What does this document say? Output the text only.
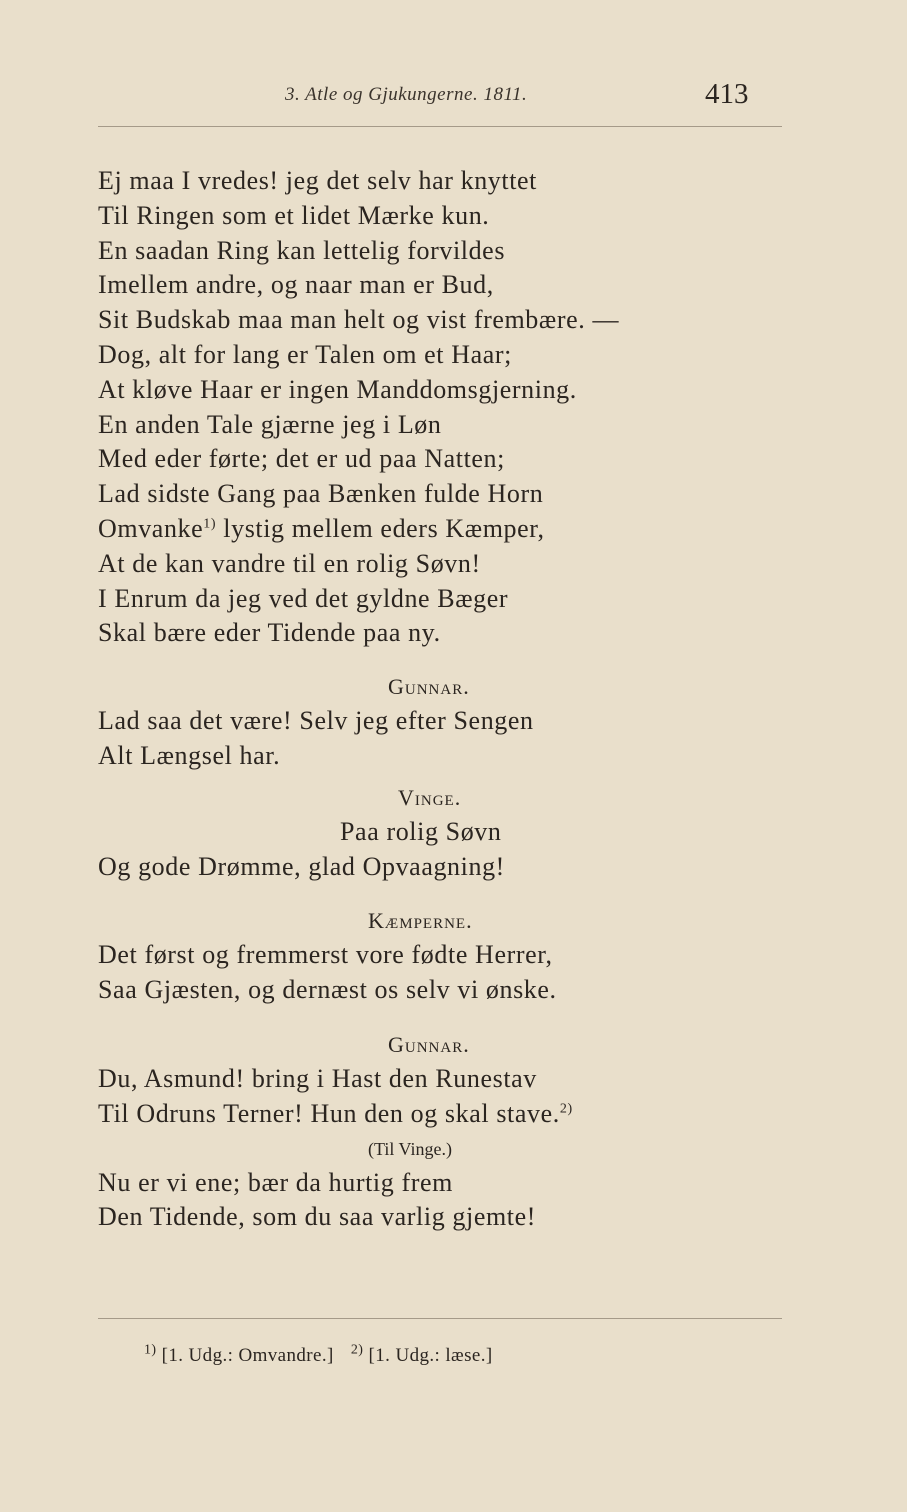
3. Atle og Gjukungerne. 1811.	413
Ej maa I vredes! jeg det selv har knyttet
Til Ringen som et lidet Mærke kun.
En saadan Ring kan lettelig forvildes
Imellem andre, og naar man er Bud,
Sit Budskab maa man helt og vist frembære. —
Dog, alt for lang er Talen om et Haar;
At kløve Haar er ingen Manddomsgjerning.
En anden Tale gjærne jeg i Løn
Med eder førte; det er ud paa Natten;
Lad sidste Gang paa Bænken fulde Horn
Omvanke$^{1)}$ lystig mellem eders Kæmper,
At de kan vandre til en rolig Søvn!
I Enrum da jeg ved det gyldne Bæger
Skal bære eder Tidende paa ny.
Gunnar.
Lad saa det være! Selv jeg efter Sengen
Alt Længsel har.
Vinge.
Paa rolig Søvn
Og gode Drømme, glad Opvaagning!
Kæmperne.
Det først og fremmerst vore fødte Herrer,
Saa Gjæsten, og dernæst os selv vi ønske.
Gunnar.
Du, Asmund! bring i Hast den Runestav
Til Odruns Terner! Hun den og skal stave.$^{2)}$
(Til Vinge.)
Nu er vi ene; bær da hurtig frem
Den Tidende, som du saa varlig gjemte!
$^{1)}$ [1. Udg.: Omvandre.] $^{2)}$ [1. Udg.: læse.]
